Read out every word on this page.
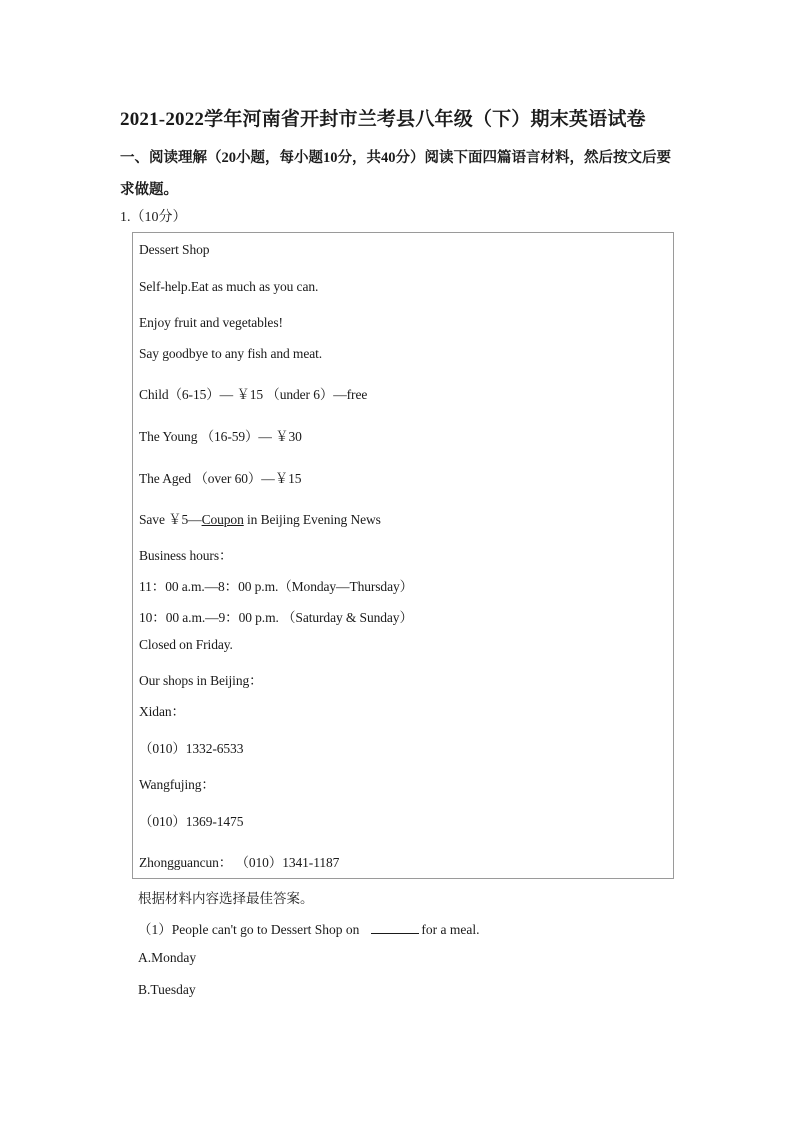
2021-2022学年河南省开封市兰考县八年级（下）期末英语试卷
一、阅读理解（20小题，每小题10分，共40分）阅读下面四篇语言材料，然后按文后要求做题。
1.（10分）
Dessert Shop
Self-help.Eat as much as you can.
Enjoy fruit and vegetables!
Say goodbye to any fish and meat.
Child（6-15）— ￥15 （under 6）—free
The Young （16-59）— ￥30
The Aged （over 60）—￥15
Save ￥5—Coupon in Beijing Evening News
Business hours：
11：00 a.m.—8：00 p.m.（Monday—Thursday）
10：00 a.m.—9：00 p.m. （Saturday & Sunday）
Closed on Friday.
Our shops in Beijing：
Xidan：
（010）1332-6533
Wangfujing：
（010）1369-1475
Zhongguancun： （010）1341-1187
根据材料内容选择最佳答案。
（1）People can't go to Dessert Shop on	for a meal.
A.Monday
B.Tuesday
